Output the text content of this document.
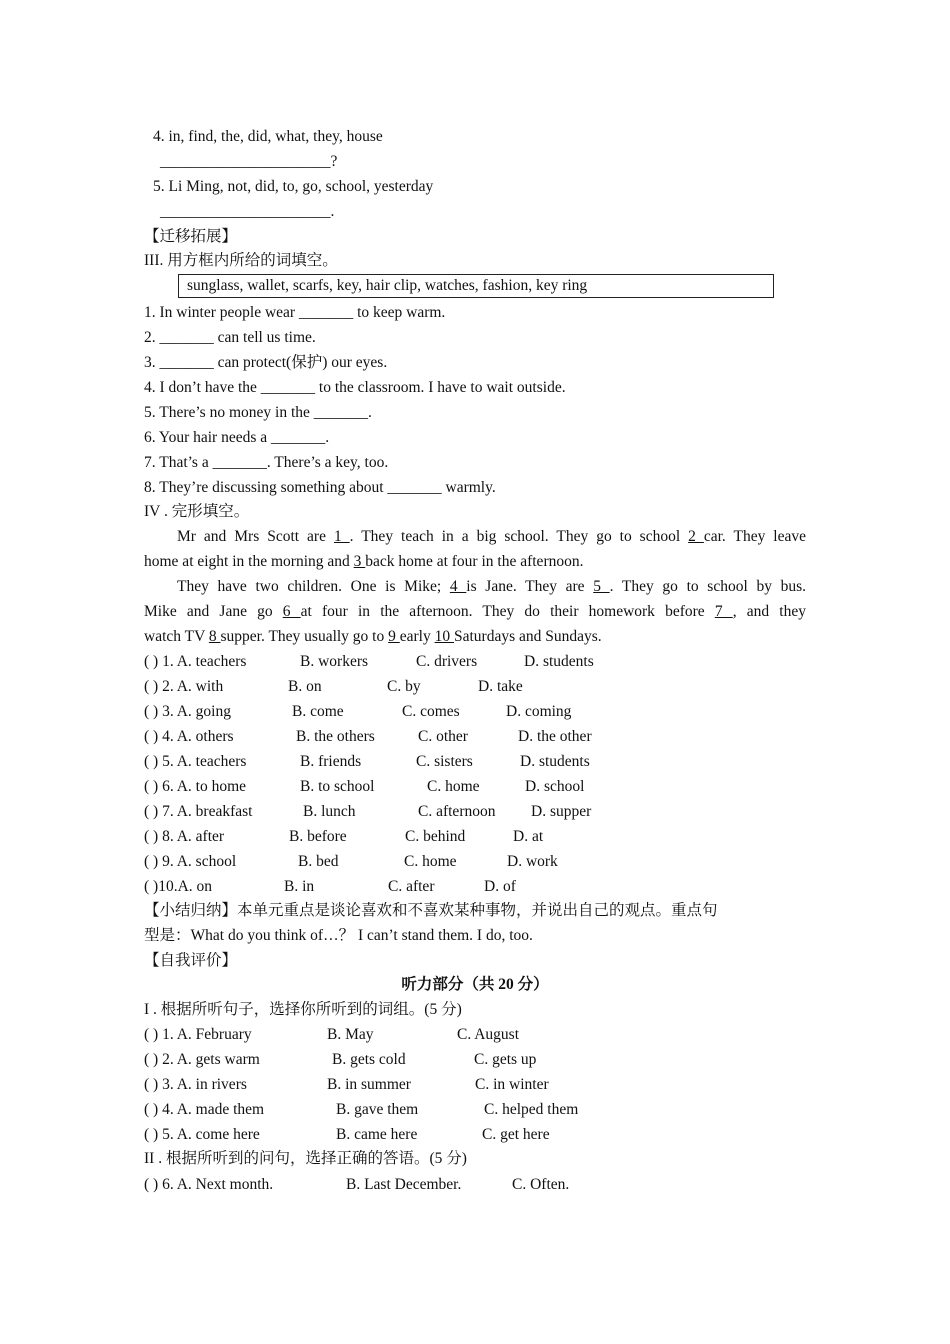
4. in, find, the, did, what, they, house
______________________?
5. Li Ming, not, did, to, go, school, yesterday
______________________.
【迁移拓展】
III. 用方框内所给的词填空。
sunglass, wallet, scarfs, key, hair clip, watches, fashion, key ring
1. In winter people wear _______ to keep warm.
2. _______ can tell us time.
3. _______ can protect(保护) our eyes.
4. I don’t have the _______ to the classroom. I have to wait outside.
5. There’s no money in the _______.
6. Your hair needs a _______.
7. That’s a _______. There’s a key, too.
8. They’re discussing something about _______ warmly.
IV . 完形填空。
Mr and Mrs Scott are 1 . They teach in a big school. They go to school 2 car. They leave
home at eight in the morning and 3 back home at four in the afternoon.
They have two children. One is Mike; 4 is Jane. They are 5 . They go to school by bus.
Mike and Jane go 6 at four in the afternoon. They do their homework before 7 , and they
watch TV 8 supper. They usually go to 9 early 10 Saturdays and Sundays.
( ) 1. A. teachers	B. workers	C. drivers	D. students
( ) 2. A. with	B. on	C. by	D. take
( ) 3. A. going	B. come	C. comes	D. coming
( ) 4. A. others	B. the others	C. other	D. the other
( ) 5. A. teachers	B. friends	C. sisters	D. students
( ) 6. A. to home	B. to school	C. home	D. school
( ) 7. A. breakfast	B. lunch	C. afternoon D. supper
( ) 8. A. after	B. before	C. behind	D. at
( ) 9. A. school	B. bed	C. home	D. work
( )10.A. on	B. in	C. after	D. of
【小结归纳】本单元重点是谈论喜欢和不喜欢某种事物，并说出自己的观点。重点句
型是：What do you think of…？ I can’t stand them. I do, too.
【自我评价】
听力部分（共 20 分）
I . 根据所听句子，选择你所听到的词组。(5 分)
( ) 1. A. February	B. May	C. August
( ) 2. A. gets warm	B. gets cold	C. gets up
( ) 3. A. in rivers	B. in summer	C. in winter
( ) 4. A. made them	B. gave them	C. helped them
( ) 5. A. come here	B. came here	C. get here
II . 根据所听到的问句，选择正确的答语。(5 分)
( ) 6. A. Next month.	B. Last December.	C. Often.
